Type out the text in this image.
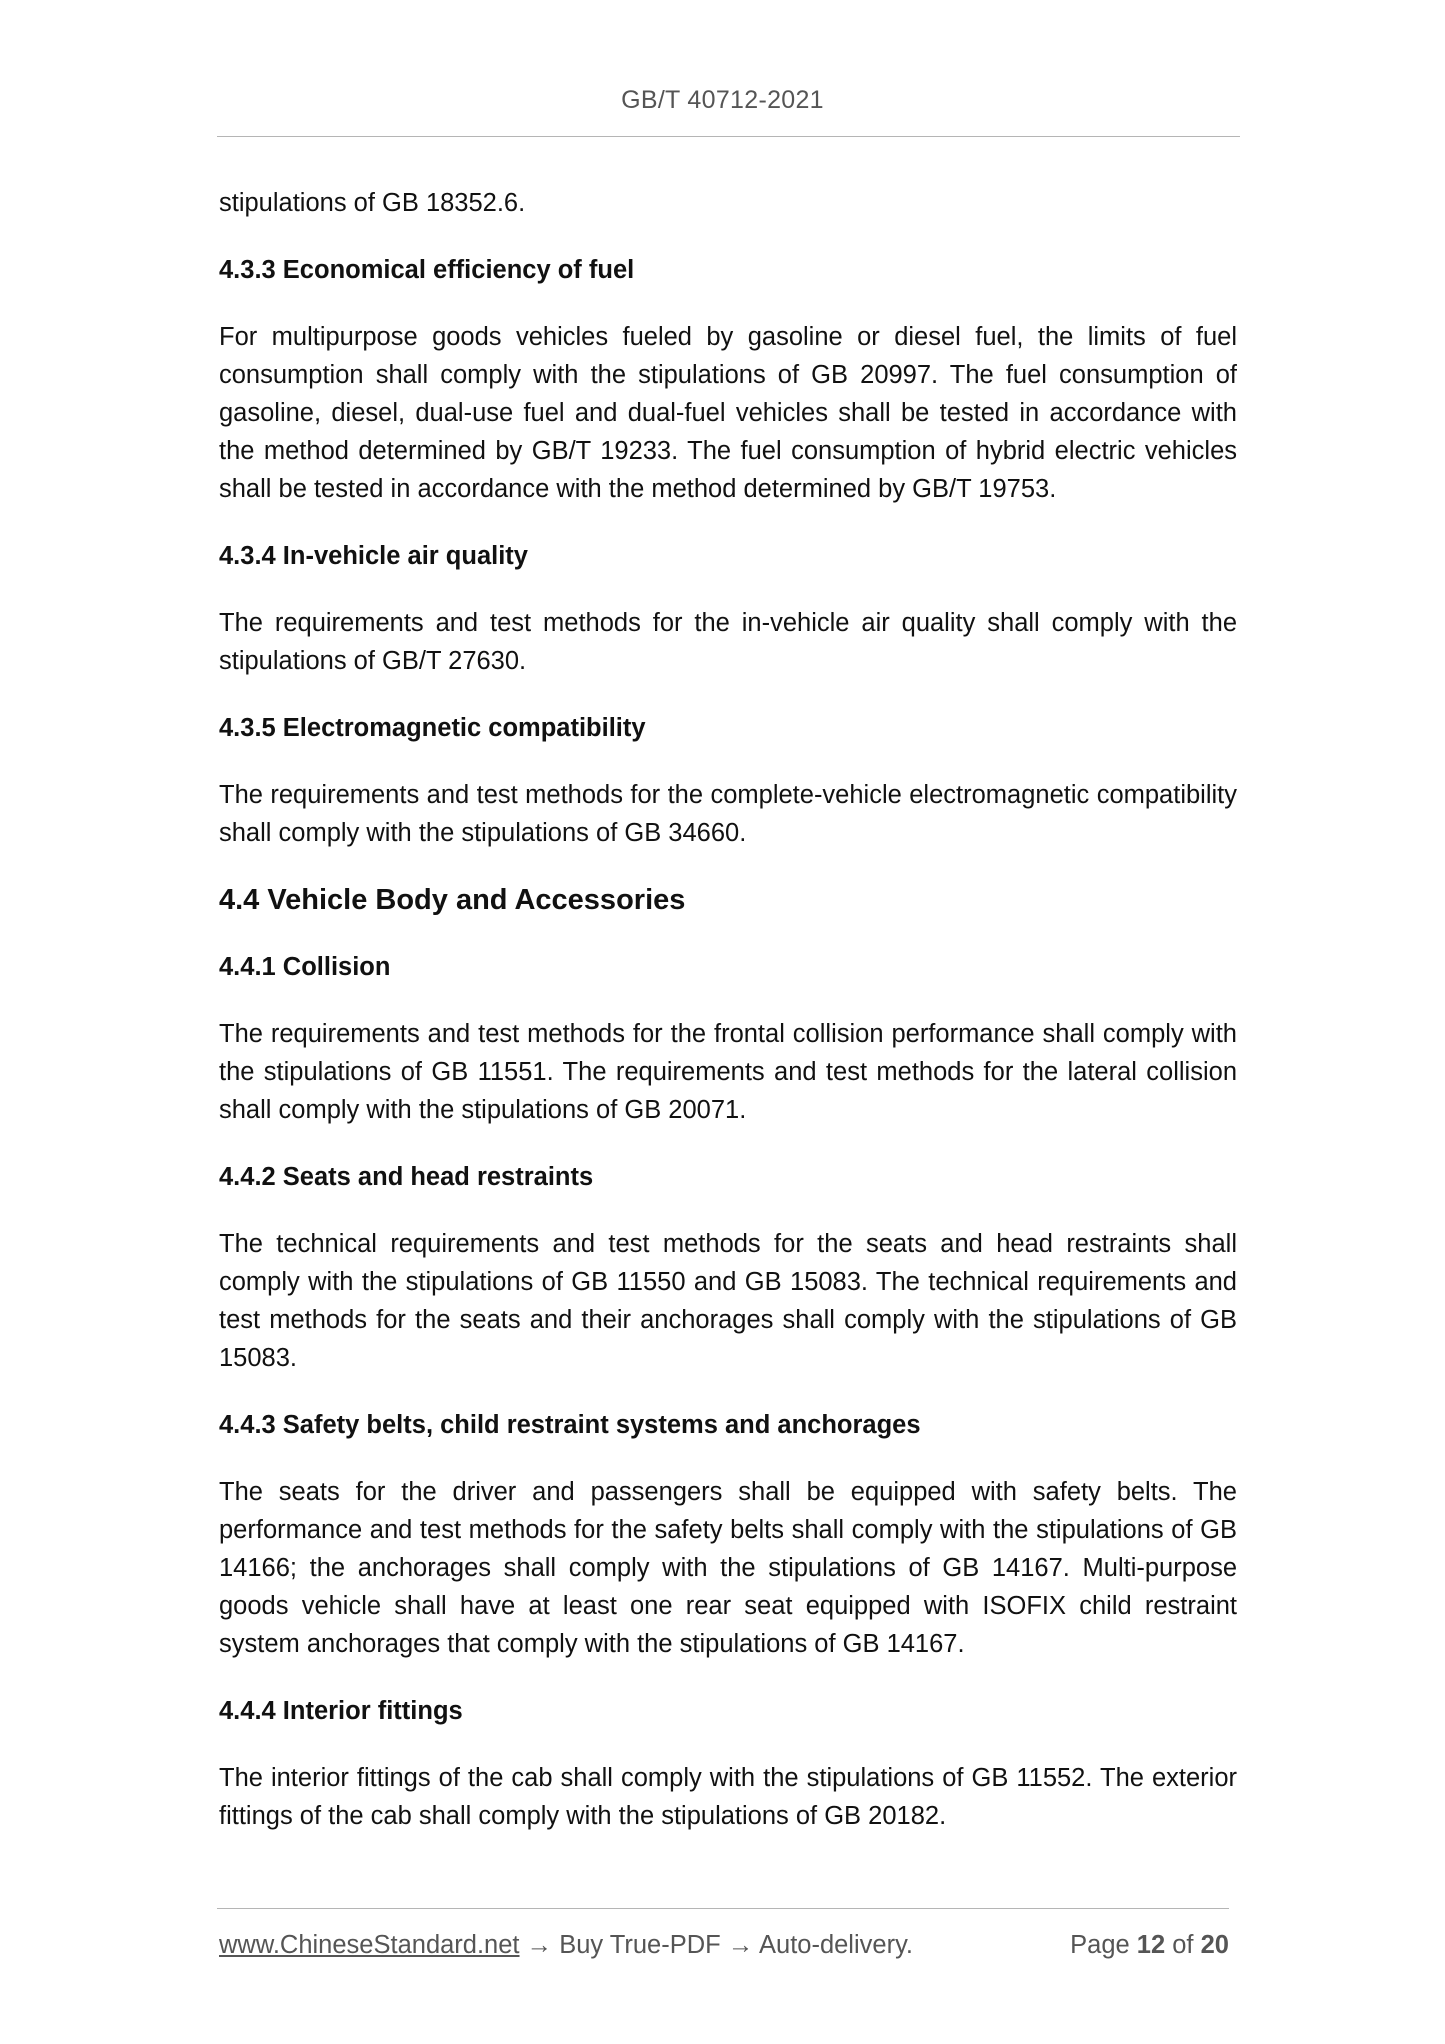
GB/T 40712-2021

stipulations of GB 18352.6.

4.3.3 Economical efficiency of fuel

For multipurpose goods vehicles fueled by gasoline or diesel fuel, the limits of fuel consumption shall comply with the stipulations of GB 20997. The fuel consumption of gasoline, diesel, dual-use fuel and dual-fuel vehicles shall be tested in accordance with the method determined by GB/T 19233. The fuel consumption of hybrid electric vehicles shall be tested in accordance with the method determined by GB/T 19753.

4.3.4 In-vehicle air quality

The requirements and test methods for the in-vehicle air quality shall comply with the stipulations of GB/T 27630.

4.3.5 Electromagnetic compatibility

The requirements and test methods for the complete-vehicle electromagnetic compatibility shall comply with the stipulations of GB 34660.

4.4 Vehicle Body and Accessories
4.4.1 Collision

The requirements and test methods for the frontal collision performance shall comply with the stipulations of GB 11551. The requirements and test methods for the lateral collision shall comply with the stipulations of GB 20071.

4.4.2 Seats and head restraints

The technical requirements and test methods for the seats and head restraints shall comply with the stipulations of GB 11550 and GB 15083. The technical requirements and test methods for the seats and their anchorages shall comply with the stipulations of GB 15083.

4.4.3 Safety belts, child restraint systems and anchorages

The seats for the driver and passengers shall be equipped with safety belts. The performance and test methods for the safety belts shall comply with the stipulations of GB 14166; the anchorages shall comply with the stipulations of GB 14167. Multi-purpose goods vehicle shall have at least one rear seat equipped with ISOFIX child restraint system anchorages that comply with the stipulations of GB 14167.

4.4.4 Interior fittings

The interior fittings of the cab shall comply with the stipulations of GB 11552. The exterior fittings of the cab shall comply with the stipulations of GB 20182.

www.ChineseStandard.net → Buy True-PDF → Auto-delivery.	Page 12 of 20
